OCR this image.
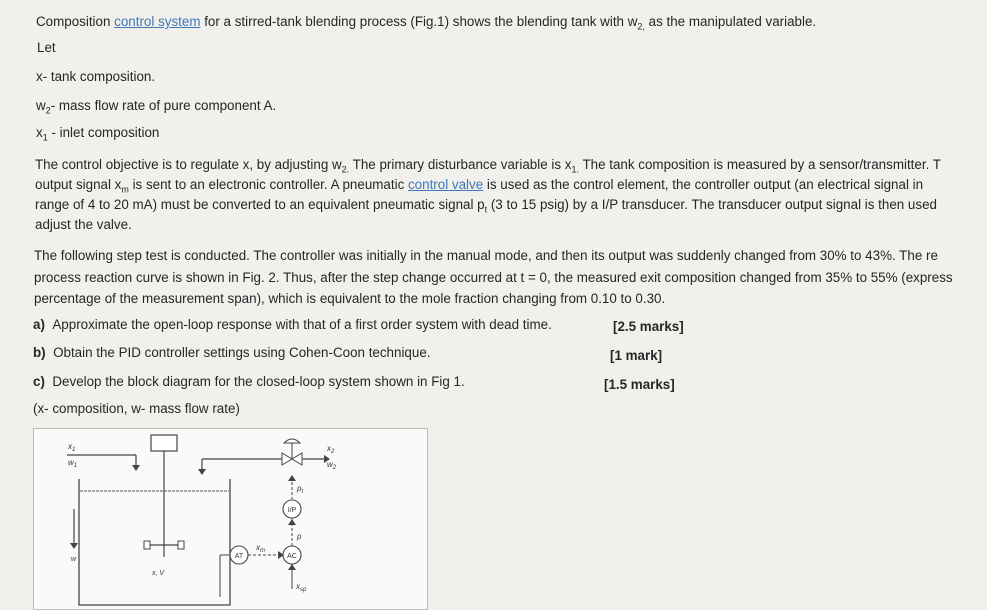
Composition control system for a stirred-tank blending process (Fig.1) shows the blending tank with $w_{2,}$ as the manipulated variable.
Let
x- tank composition.
$w_2-$ mass flow rate of pure component A.
$x_1$ - inlet composition
The control objective is to regulate x, by adjusting $w_{2.}$ The primary disturbance variable is $x_{1.}$ The tank composition is measured by a sensor/transmitter. T
output signal $x_m$ is sent to an electronic controller. A pneumatic control valve is used as the control element, the controller output (an electrical signal in
range of 4 to 20 mA) must be converted to an equivalent pneumatic signal $p_t$ (3 to 15 psig) by a I/P transducer. The transducer output signal is then used
adjust the valve.
The following step test is conducted. The controller was initially in the manual mode, and then its output was suddenly changed from 30% to 43%. The re
process reaction curve is shown in Fig. 2. Thus, after the step change occurred at t = 0, the measured exit composition changed from 35% to 55% (express
percentage of the measurement span), which is equivalent to the mole fraction changing from 0.10 to 0.30.
a) Approximate the open-loop response with that of a first order system with dead time.	[2.5 marks]
b) Obtain the PID controller settings using Cohen-Coon technique.	[1 mark]
c) Develop the block diagram for the closed-loop system shown in Fig 1.	[1.5 marks]
(x- composition, w- mass flow rate)
$x_1$
$w_1$
$x_2$
$w_2$
$p_t$
I/P
p
AT
$x_m$
AC
$x_{sp}$
x, V
w
